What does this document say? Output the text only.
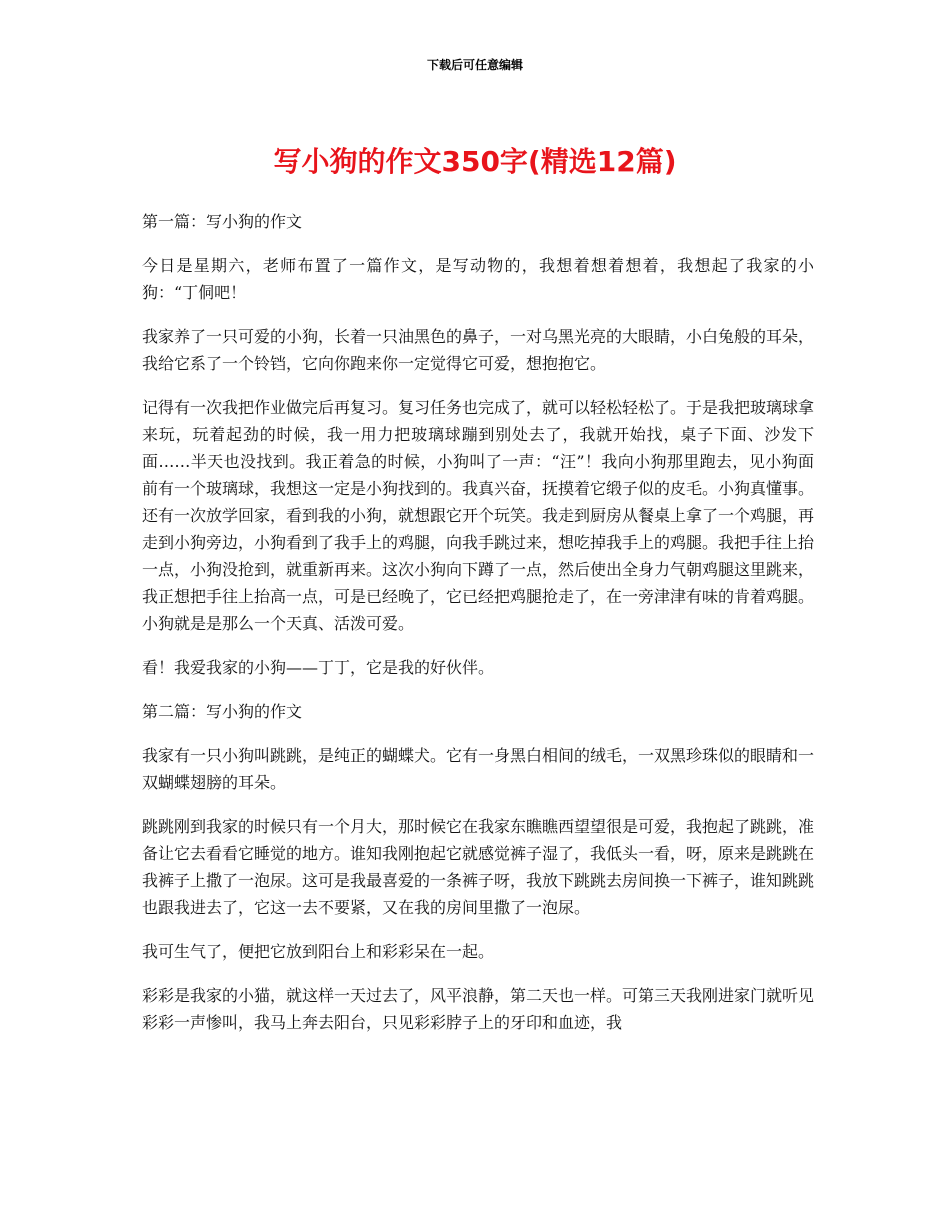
下载后可任意编辑
写小狗的作文350字(精选12篇)

第一篇：写小狗的作文

今日是星期六，老师布置了一篇作文，是写动物的，我想着想着想着，我想起了我家的小狗：“丁侗吧！

我家养了一只可爱的小狗，长着一只油黑色的鼻子，一对乌黑光亮的大眼睛，小白兔般的耳朵，我给它系了一个铃铛，它向你跑来你一定觉得它可爱，想抱抱它。

记得有一次我把作业做完后再复习。复习任务也完成了，就可以轻松轻松了。于是我把玻璃球拿来玩，玩着起劲的时候，我一用力把玻璃球蹦到别处去了，我就开始找，桌子下面、沙发下面……半天也没找到。我正着急的时候，小狗叫了一声：“汪”！我向小狗那里跑去，见小狗面前有一个玻璃球，我想这一定是小狗找到的。我真兴奋，抚摸着它缎子似的皮毛。小狗真懂事。还有一次放学回家，看到我的小狗，就想跟它开个玩笑。我走到厨房从餐桌上拿了一个鸡腿，再走到小狗旁边，小狗看到了我手上的鸡腿，向我手跳过来，想吃掉我手上的鸡腿。我把手往上抬一点，小狗没抢到，就重新再来。这次小狗向下蹲了一点，然后使出全身力气朝鸡腿这里跳来，我正想把手往上抬高一点，可是已经晚了，它已经把鸡腿抢走了，在一旁津津有味的肯着鸡腿。小狗就是是那么一个天真、活泼可爱。

看！我爱我家的小狗——丁丁，它是我的好伙伴。

第二篇：写小狗的作文

我家有一只小狗叫跳跳，是纯正的蝴蝶犬。它有一身黑白相间的绒毛，一双黑珍珠似的眼睛和一双蝴蝶翅膀的耳朵。

跳跳刚到我家的时候只有一个月大，那时候它在我家东瞧瞧西望望很是可爱，我抱起了跳跳，准备让它去看看它睡觉的地方。谁知我刚抱起它就感觉裤子湿了，我低头一看，呀，原来是跳跳在我裤子上撒了一泡尿。这可是我最喜爱的一条裤子呀，我放下跳跳去房间换一下裤子，谁知跳跳也跟我进去了，它这一去不要紧，又在我的房间里撒了一泡尿。

我可生气了，便把它放到阳台上和彩彩呆在一起。

彩彩是我家的小猫，就这样一天过去了，风平浪静，第二天也一样。可第三天我刚进家门就听见彩彩一声惨叫，我马上奔去阳台，只见彩彩脖子上的牙印和血迹，我
